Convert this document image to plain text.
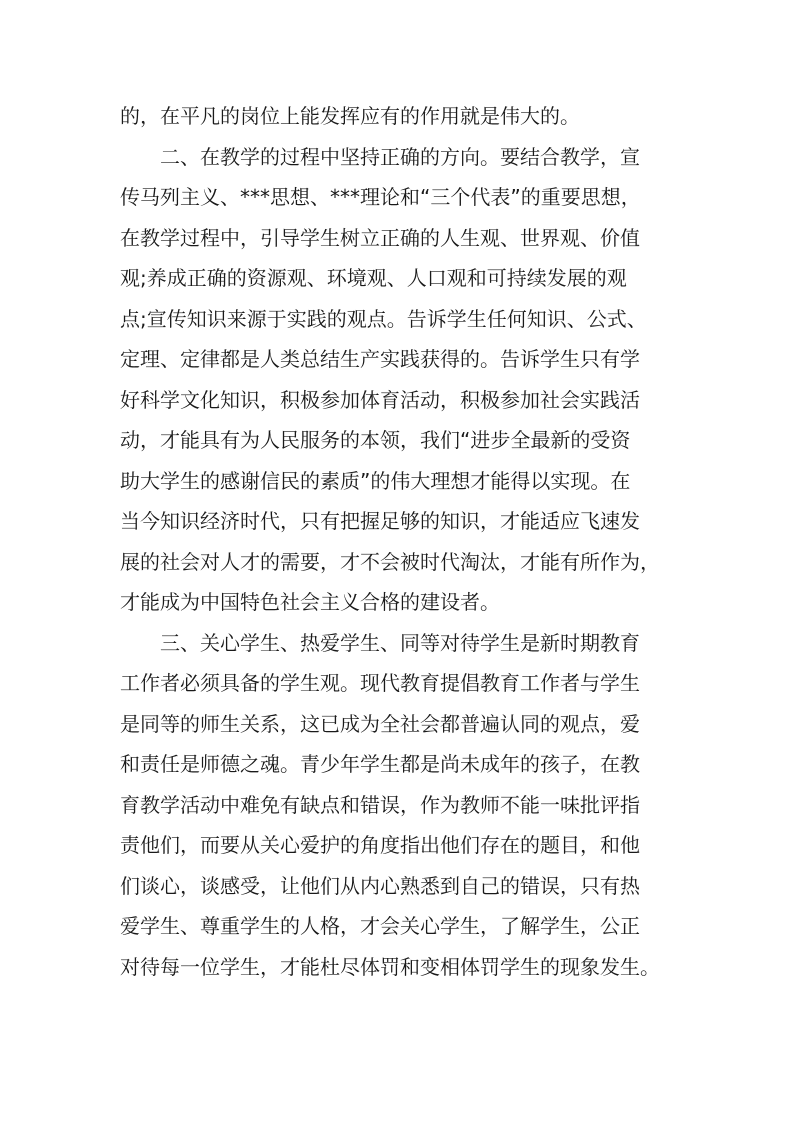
的，在平凡的岗位上能发挥应有的作用就是伟大的。
　　二、在教学的过程中坚持正确的方向。要结合教学，宣
传马列主义、***思想、***理论和“三个代表”的重要思想，
在教学过程中，引导学生树立正确的人生观、世界观、价值
观;养成正确的资源观、环境观、人口观和可持续发展的观
点;宣传知识来源于实践的观点。告诉学生任何知识、公式、
定理、定律都是人类总结生产实践获得的。告诉学生只有学
好科学文化知识，积极参加体育活动，积极参加社会实践活
动，才能具有为人民服务的本领，我们“进步全最新的受资
助大学生的感谢信民的素质”的伟大理想才能得以实现。在
当今知识经济时代，只有把握足够的知识，才能适应飞速发
展的社会对人才的需要，才不会被时代淘汰，才能有所作为，
才能成为中国特色社会主义合格的建设者。
　　三、关心学生、热爱学生、同等对待学生是新时期教育
工作者必须具备的学生观。现代教育提倡教育工作者与学生
是同等的师生关系，这已成为全社会都普遍认同的观点，爱
和责任是师德之魂。青少年学生都是尚未成年的孩子，在教
育教学活动中难免有缺点和错误，作为教师不能一味批评指
责他们，而要从关心爱护的角度指出他们存在的题目，和他
们谈心，谈感受，让他们从内心熟悉到自己的错误，只有热
爱学生、尊重学生的人格，才会关心学生，了解学生，公正
对待每一位学生，才能杜尽体罚和变相体罚学生的现象发生。
